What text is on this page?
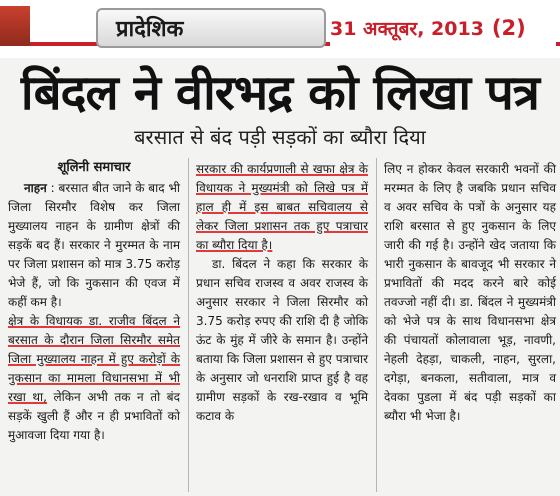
प्रादेशिक	31 अक्तूबर, 2013 (2)
बिंदल ने वीरभद्र को लिखा पत्र
बरसात से बंद पड़ी सड़कों का ब्यौरा दिया

शूलिनी समाचार

नाहन : बरसात बीत जाने के बाद भी जिला सिरमौर विशेष कर जिला मुख्यालय नाहन के ग्रामीण क्षेत्रों की सड़कें बद हैं। सरकार ने मुरम्मत के नाम पर जिला प्रशासन को मात्र 3.75 करोड़ भेजे हैं, जो कि नुकसान की एवज में कहीं कम है।

क्षेत्र के विधायक डा. राजीव बिंदल ने बरसात के दौरान जिला सिरमौर समेत जिला मुख्यालय नाहन में हुए करोड़ों के नुकसान का मामला विधानसभा में भी रखा था, लेकिन अभी तक न तो बंद सड़कें खुली हैं और न ही प्रभावितों को मुआवजा दिया गया है।

सरकार की कार्यप्रणाली से खफा क्षेत्र के विधायक ने मुख्यमंत्री को लिखे पत्र में हाल ही में इस बाबत सचिवालय से लेकर जिला प्रशासन तक हुए पत्राचार का ब्यौरा दिया है।

डा. बिंदल ने कहा कि सरकार के प्रधान सचिव राजस्व व अवर राजस्व के अनुसार सरकार ने जिला सिरमौर को 3.75 करोड़ रुपए की राशि दी है जोकि ऊंट के मुंह में जीरे के समान है। उन्होंने बताया कि जिला प्रशासन से हुए पत्राचार के अनुसार जो धनराशि प्राप्त हुई है वह ग्रामीण सड़कों के रख-रखाव व भूमि कटाव के

लिए न होकर केवल सरकारी भवनों की मरम्मत के लिए है जबकि प्रधान सचिव व अवर सचिव के पत्रों के अनुसार यह राशि बरसात से हुए नुकसान के लिए जारी की गई है। उन्होंने खेद जताया कि भारी नुकसान के बावजूद भी सरकार ने प्रभावितों की मदद करने बारे कोई तवज्जो नहीं दी। डा. बिंदल ने मुख्यमंत्री को भेजे पत्र के साथ विधानसभा क्षेत्र की पंचायतों कोलावाला भूड़, नावणी, नेहली देहड़ा, चाकली, नाहन, सुरला, दगेड़ा, बनकला, सतीवाला, मात्र व देवका पुडला में बंद पड़ी सड़कों का ब्यौरा भी भेजा है।
